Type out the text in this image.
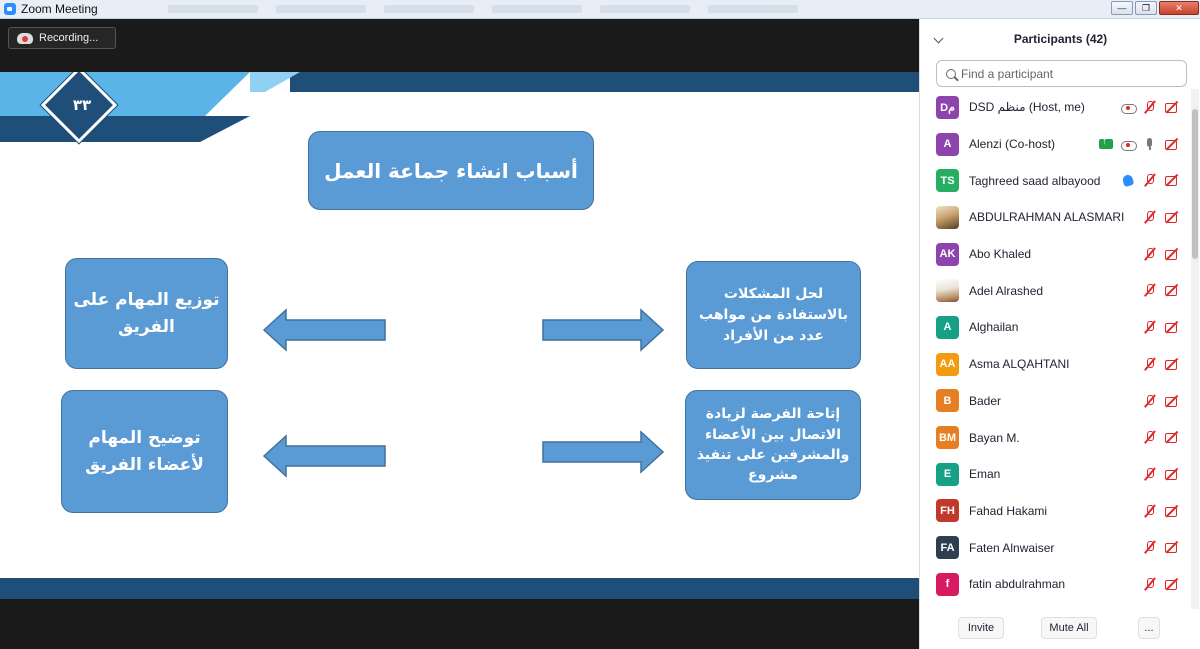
Zoom Meeting	—	❐	✕
Recording...
٣٣
أسباب انشاء جماعة العمل
توزيع المهام على الفريق
توضيح المهام لأعضاء الفريق
لحل المشكلات بالاستفادة من مواهب عدد من الأفراد
إتاحة الفرصة لزيادة الاتصال بين الأعضاء والمشرفين على تنفيذ مشروع
Participants (42)
Find a participant
Dم	DSD منظم (Host, me)
A	Alenzi (Co-host)
↑
TS	Taghreed saad albayood
ABDULRAHMAN ALASMARI
AK Abo Khaled
Adel Alrashed
A	Alghailan
AA Asma ALQAHTANI
B	Bader
BM Bayan M.
E	Eman
FH	Fahad Hakami
FA	Faten Alnwaiser
f	fatin abdulrahman
Invite	Mute All	...
